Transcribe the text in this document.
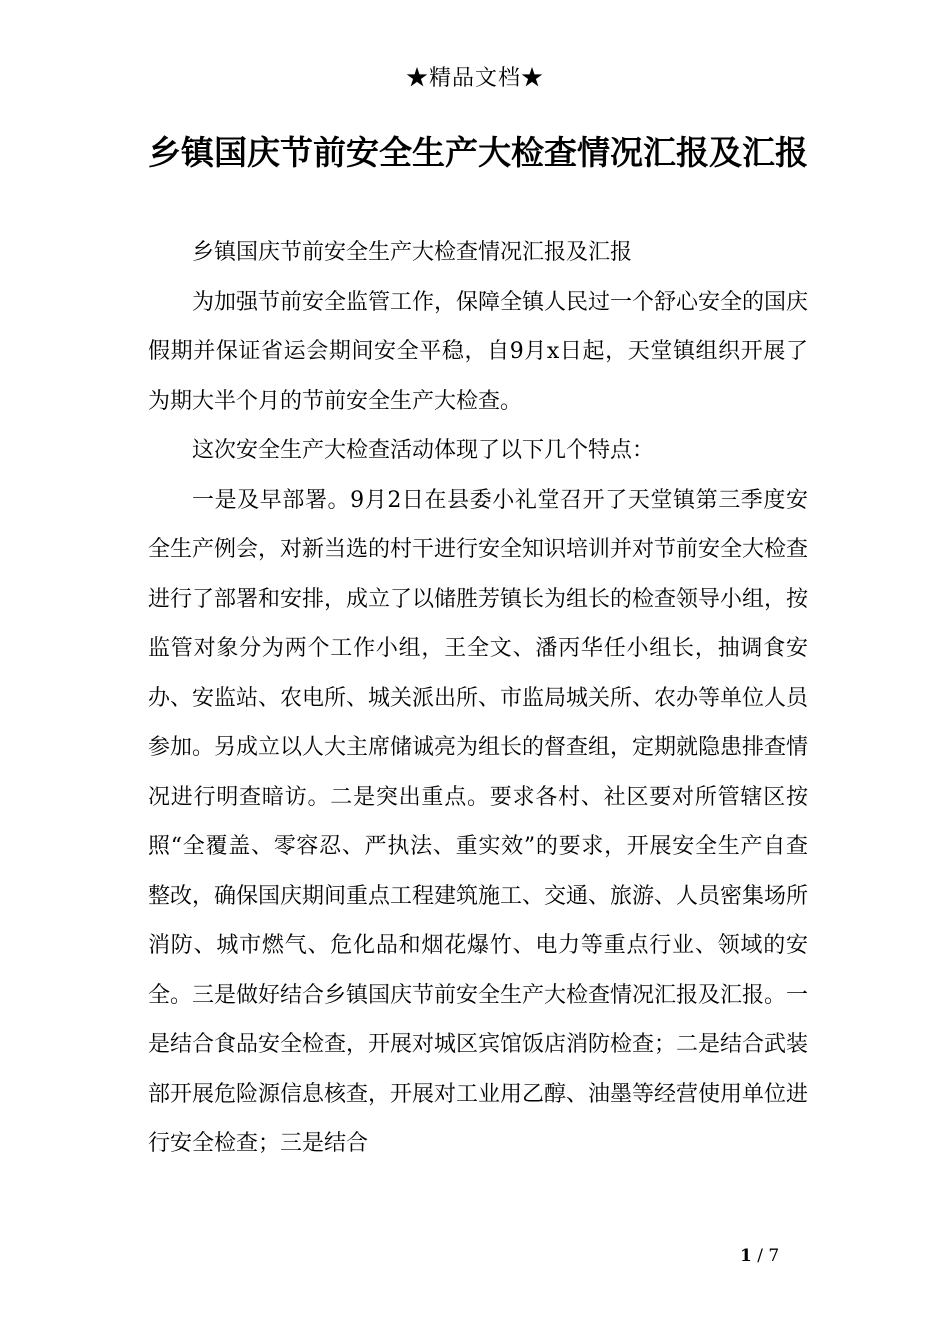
★精品文档★
乡镇国庆节前安全生产大检查情况汇报及汇报

乡镇国庆节前安全生产大检查情况汇报及汇报

为加强节前安全监管工作，保障全镇人民过一个舒心安全的国庆假期并保证省运会期间安全平稳，自9月x日起，天堂镇组织开展了为期大半个月的节前安全生产大检查。

这次安全生产大检查活动体现了以下几个特点：

一是及早部署。9月2日在县委小礼堂召开了天堂镇第三季度安全生产例会，对新当选的村干进行安全知识培训并对节前安全大检查进行了部署和安排，成立了以储胜芳镇长为组长的检查领导小组，按监管对象分为两个工作小组，王全文、潘丙华任小组长，抽调食安办、安监站、农电所、城关派出所、市监局城关所、农办等单位人员参加。另成立以人大主席储诚亮为组长的督查组，定期就隐患排查情况进行明查暗访。二是突出重点。要求各村、社区要对所管辖区按照“全覆盖、零容忍、严执法、重实效”的要求，开展安全生产自查整改，确保国庆期间重点工程建筑施工、交通、旅游、人员密集场所消防、城市燃气、危化品和烟花爆竹、电力等重点行业、领域的安全。三是做好结合乡镇国庆节前安全生产大检查情况汇报及汇报。一是结合食品安全检查，开展对城区宾馆饭店消防检查；二是结合武装部开展危险源信息核查，开展对工业用乙醇、油墨等经营使用单位进行安全检查；三是结合

1 / 7
